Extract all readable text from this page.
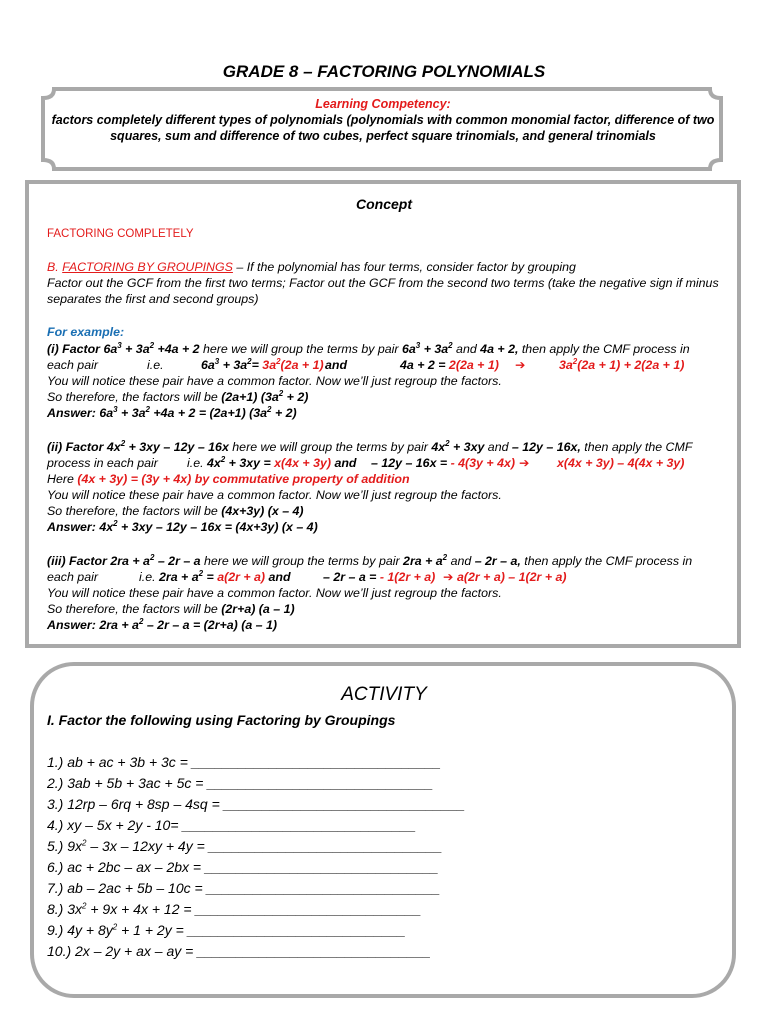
GRADE 8 – FACTORING POLYNOMIALS
Learning Competency:
factors completely different types of polynomials (polynomials with common monomial factor, difference of two squares, sum and difference of two cubes, perfect square trinomials, and general trinomials
Concept
FACTORING COMPLETELY
B. FACTORING BY GROUPINGS – If the polynomial has four terms, consider factor by grouping
Factor out the GCF from the first two terms; Factor out the GCF from the second two terms (take the negative sign if minus separates the first and second groups)
For example:
(i) Factor $6a^3 + 3a^2 +4a + 2$ here we will group the terms by pair $6a^3 + 3a^2$ and 4a + 2, then apply the CMF process in
each pair	i.e.	$6a^3 + 3a^2= 3a^2(2a + 1)$ and	4a + 2 = 2(2a + 1) ➔	$3a^2(2a + 1) + 2(2a + 1)$
You will notice these pair have a common factor. Now we’ll just regroup the factors.
So therefore, the factors will be (2a+1) $(3a^2 + 2)$
Answer: $6a^3 + 3a^2 +4a + 2 = (2a+1) (3a^2 + 2)$
(ii) Factor $4x^2 + 3xy - 12y - 16x$ here we will group the terms by pair $4x^2 + 3xy$ and – 12y – 16x, then apply the CMF
process in each pair i.e. $4x^2 + 3xy = x(4x + 3y)$ and – 12y – 16x = - 4(3y + 4x) ➔ x(4x + 3y) – 4(4x + 3y)
Here (4x + 3y) = (3y + 4x) by commutative property of addition
You will notice these pair have a common factor. Now we’ll just regroup the factors.
So therefore, the factors will be (4x+3y) (x – 4)
Answer: $4x^2 + 3xy - 12y - 16x = (4x+3y)$ (x – 4)
(iii) Factor $2ra + a^2 - 2r - a$ here we will group the terms by pair $2ra + a^2$ and – 2r – a, then apply the CMF process in
each pair	i.e. $2ra + a^2 = a(2r + a)$ and	– 2r – a = - 1(2r + a) ➔ a(2r + a) – 1(2r + a)
You will notice these pair have a common factor. Now we’ll just regroup the factors.
So therefore, the factors will be (2r+a) (a – 1)
Answer: $2ra + a^2 - 2r - a = (2r+a)$ (a – 1)
ACTIVITY
I. Factor the following using Factoring by Groupings
1.) ab + ac + 3b + 3c = ________________________________
2.) 3ab + 5b + 3ac + 5c = _____________________________
3.) 12rp – 6rq + 8sp – 4sq = _______________________________
4.) xy – 5x + 2y - 10= ______________________________
5.) $9x^2 - 3x - 12xy + 4y$ = ______________________________
6.) ac + 2bc – ax – 2bx = ______________________________
7.) ab – 2ac + 5b – 10c = ______________________________
8.) $3x^2 + 9x + 4x + 12$ = _____________________________
9.) $4y + 8y^2 + 1 + 2y$ = ____________________________
10.) 2x – 2y + ax – ay = ______________________________
